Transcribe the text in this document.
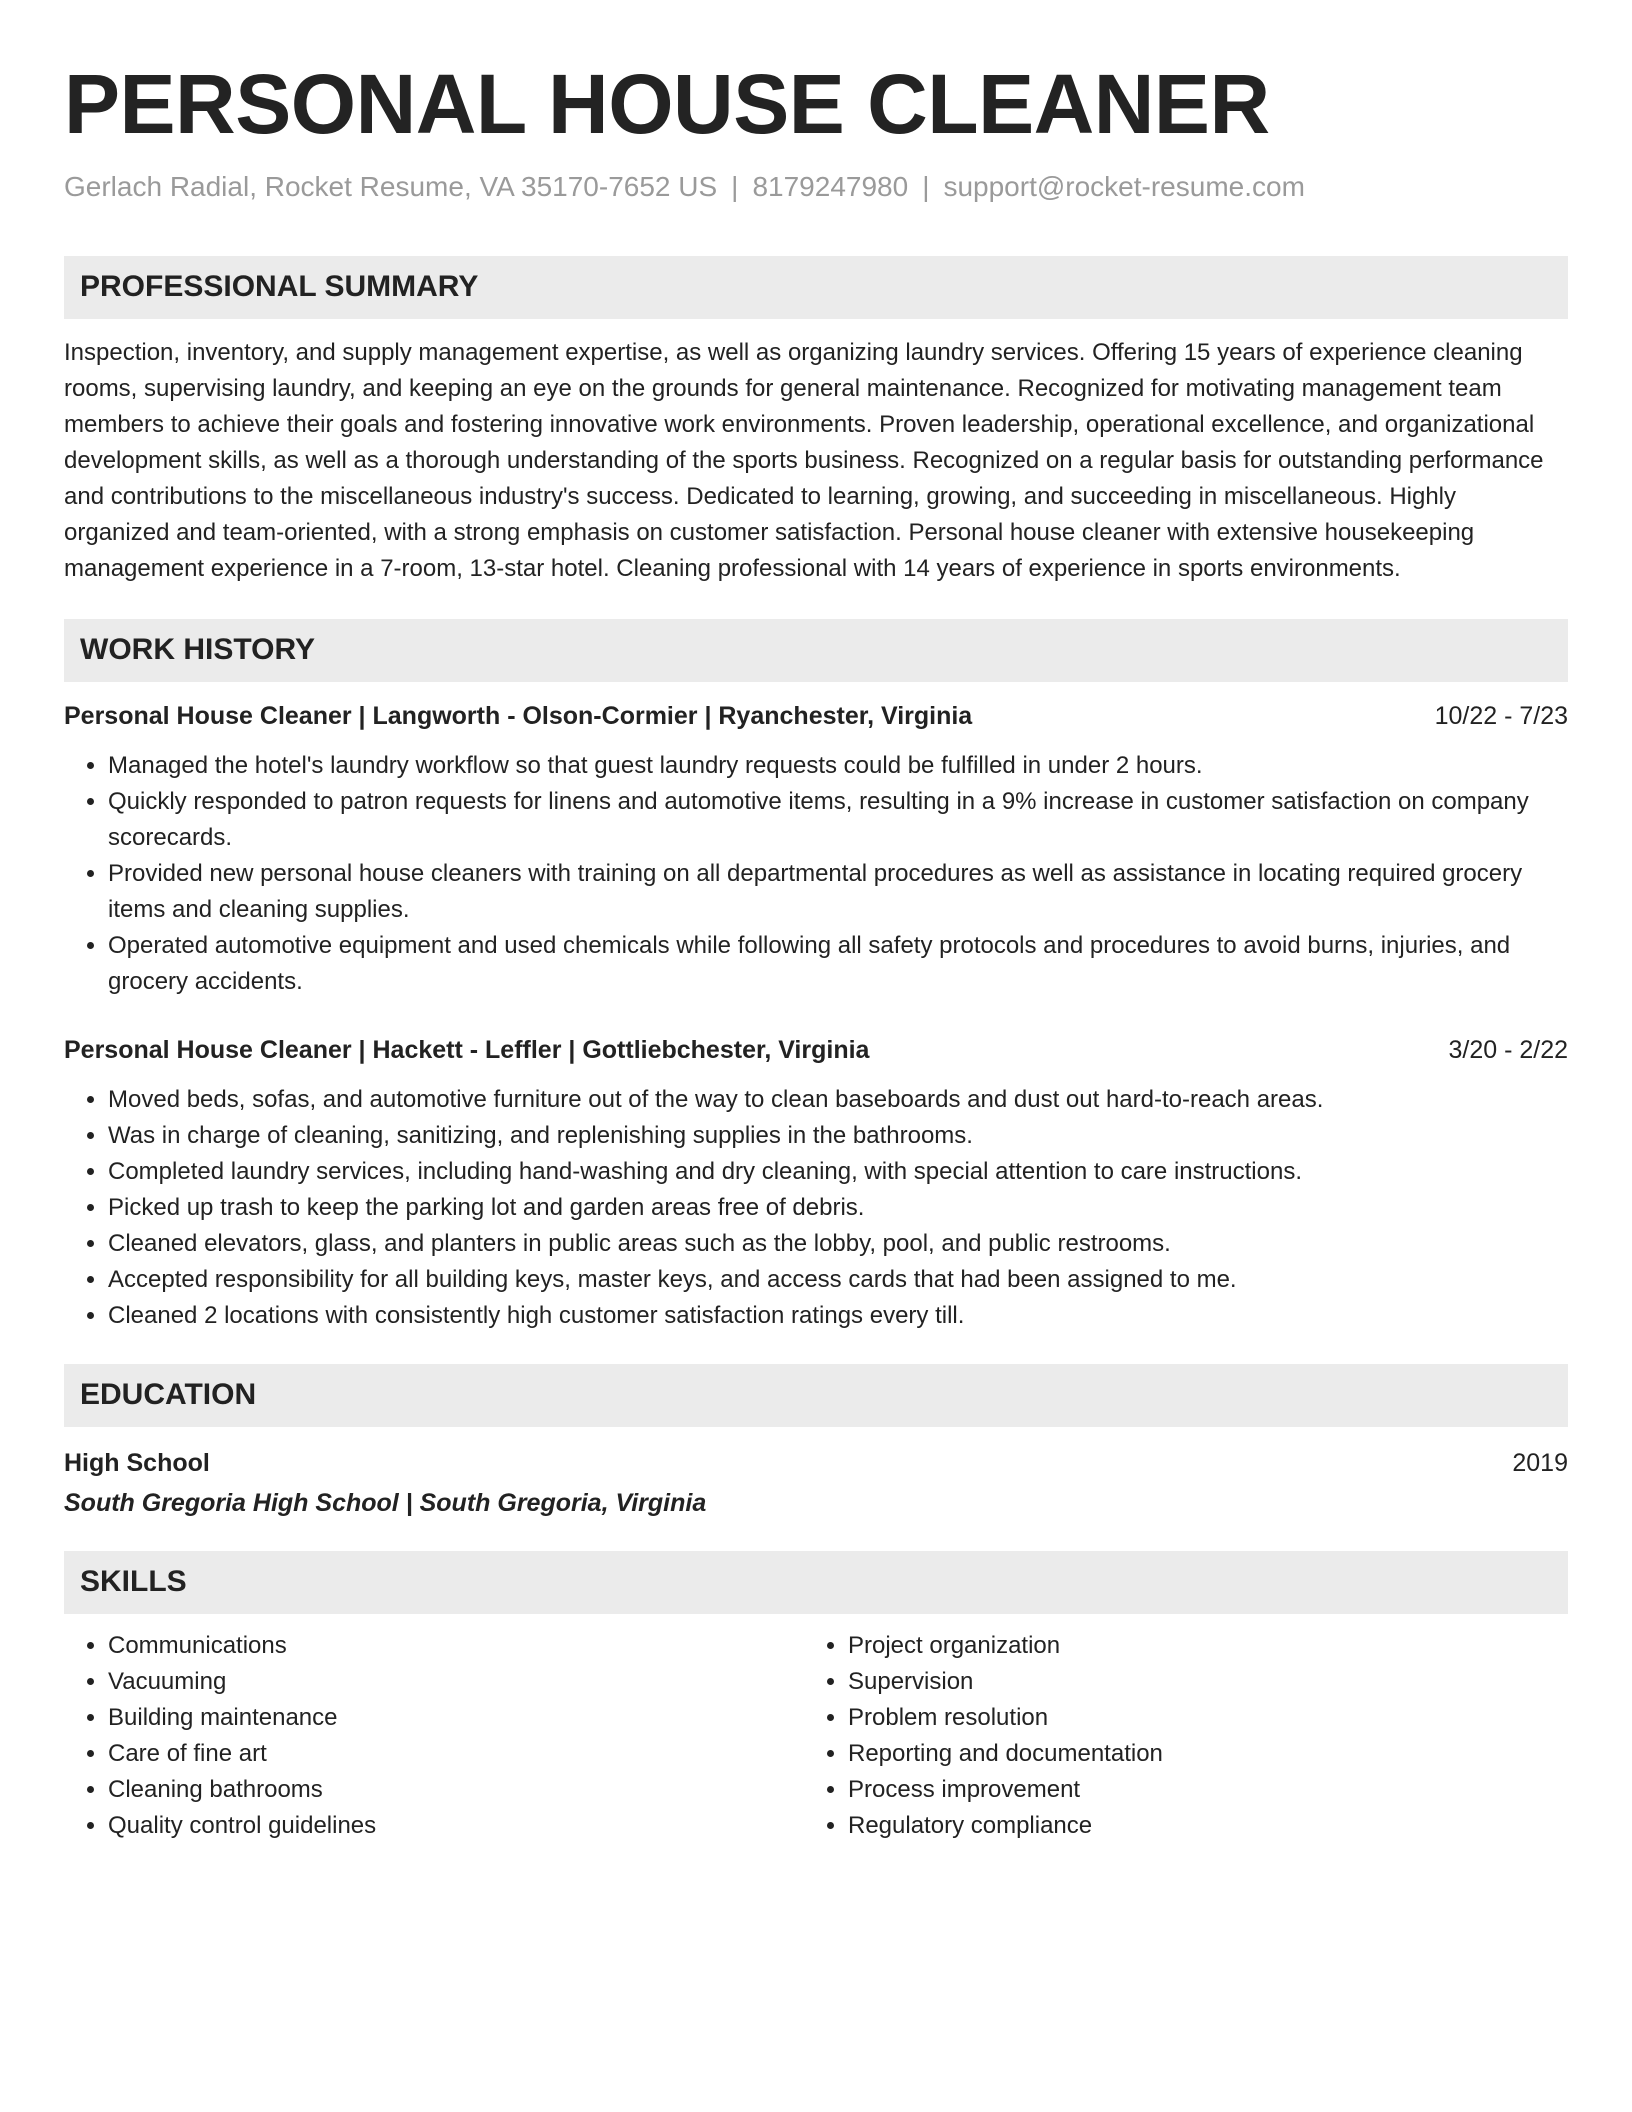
PERSONAL HOUSE CLEANER
Gerlach Radial, Rocket Resume, VA 35170-7652 US | 8179247980 | support@rocket-resume.com
PROFESSIONAL SUMMARY
Inspection, inventory, and supply management expertise, as well as organizing laundry services. Offering 15 years of experience cleaning rooms, supervising laundry, and keeping an eye on the grounds for general maintenance. Recognized for motivating management team members to achieve their goals and fostering innovative work environments. Proven leadership, operational excellence, and organizational development skills, as well as a thorough understanding of the sports business. Recognized on a regular basis for outstanding performance and contributions to the miscellaneous industry's success. Dedicated to learning, growing, and succeeding in miscellaneous. Highly organized and team-oriented, with a strong emphasis on customer satisfaction. Personal house cleaner with extensive housekeeping management experience in a 7-room, 13-star hotel. Cleaning professional with 14 years of experience in sports environments.
WORK HISTORY
Personal House Cleaner | Langworth - Olson-Cormier | Ryanchester, Virginia	10/22 - 7/23
• Managed the hotel's laundry workflow so that guest laundry requests could be fulfilled in under 2 hours.
• Quickly responded to patron requests for linens and automotive items, resulting in a 9% increase in customer satisfaction on company scorecards.
• Provided new personal house cleaners with training on all departmental procedures as well as assistance in locating required grocery items and cleaning supplies.
• Operated automotive equipment and used chemicals while following all safety protocols and procedures to avoid burns, injuries, and grocery accidents.
Personal House Cleaner | Hackett - Leffler | Gottliebchester, Virginia	3/20 - 2/22
• Moved beds, sofas, and automotive furniture out of the way to clean baseboards and dust out hard-to-reach areas.
• Was in charge of cleaning, sanitizing, and replenishing supplies in the bathrooms.
• Completed laundry services, including hand-washing and dry cleaning, with special attention to care instructions.
• Picked up trash to keep the parking lot and garden areas free of debris.
• Cleaned elevators, glass, and planters in public areas such as the lobby, pool, and public restrooms.
• Accepted responsibility for all building keys, master keys, and access cards that had been assigned to me.
• Cleaned 2 locations with consistently high customer satisfaction ratings every till.
EDUCATION
High School	2019
South Gregoria High School | South Gregoria, Virginia
SKILLS
• Communications
• Vacuuming
• Building maintenance
• Care of fine art
• Cleaning bathrooms
• Quality control guidelines
• Project organization
• Supervision
• Problem resolution
• Reporting and documentation
• Process improvement
• Regulatory compliance
